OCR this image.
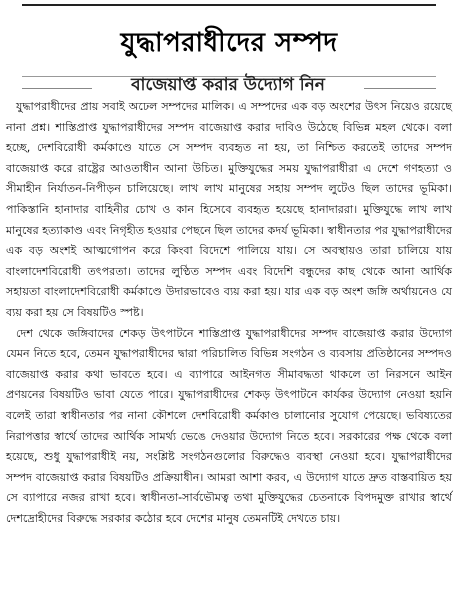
যুদ্ধাপরাধীদের সম্পদ
বাজেয়াপ্ত করার উদ্যোগ নিন

যুদ্ধাপরাধীদের প্রায় সবাই অঢেল সম্পদের মালিক। এ সম্পদের এক বড় অংশের উৎস নিয়েও রয়েছে নানা প্রশ্ন। শাস্তিপ্রাপ্ত যুদ্ধাপরাধীদের সম্পদ বাজেয়াপ্ত করার দাবিও উঠেছে বিভিন্ন মহল থেকে। বলা হচ্ছে, দেশবিরোধী কর্মকাণ্ডে যাতে সে সম্পদ ব্যবহৃত না হয়, তা নিশ্চিত করতেই তাদের সম্পদ বাজেয়াপ্ত করে রাষ্ট্রের আওতাধীন আনা উচিত। মুক্তিযুদ্ধের সময় যুদ্ধাপরাধীরা এ দেশে গণহত্যা ও সীমাহীন নির্যাতন-নিপীড়ন চালিয়েছে। লাখ লাখ মানুষের সহায় সম্পদ লুটেও ছিল তাদের ভূমিকা। পাকিস্তানি হানাদার বাহিনীর চোখ ও কান হিসেবে ব্যবহৃত হয়েছে হানাদাররা। মুক্তিযুদ্ধে লাখ লাখ মানুষের হত্যাকাণ্ড এবং নিগৃহীত হওয়ার পেছনে ছিল তাদের কদর্য ভূমিকা। স্বাধীনতার পর যুদ্ধাপরাধীদের এক বড় অংশই আত্মগোপন করে কিংবা বিদেশে পালিয়ে যায়। সে অবস্থায়ও তারা চালিয়ে যায় বাংলাদেশবিরোধী তৎপরতা। তাদের লুণ্ঠিত সম্পদ এবং বিদেশি বন্ধুদের কাছ থেকে আনা আর্থিক সহায়তা বাংলাদেশবিরোধী কর্মকাণ্ডে উদারভাবেও ব্যয় করা হয়। যার এক বড় অংশ জঙ্গি অর্থায়নেও যে ব্যয় করা হয় সে বিষয়টিও স্পষ্ট।

দেশ থেকে জঙ্গিবাদের শেকড় উৎপাটনে শাস্তিপ্রাপ্ত যুদ্ধাপরাধীদের সম্পদ বাজেয়াপ্ত করার উদ্যোগ যেমন নিতে হবে, তেমন যুদ্ধাপরাধীদের দ্বারা পরিচালিত বিভিন্ন সংগঠন ও ব্যবসায় প্রতিষ্ঠানের সম্পদও বাজেয়াপ্ত করার কথা ভাবতে হবে। এ ব্যাপারে আইনগত সীমাবদ্ধতা থাকলে তা নিরসনে আইন প্রণয়নের বিষয়টিও ভাবা যেতে পারে। যুদ্ধাপরাধীদের শেকড় উৎপাটনে কার্যকর উদ্যোগ নেওয়া হয়নি বলেই তারা স্বাধীনতার পর নানা কৌশলে দেশবিরোধী কর্মকাণ্ড চালানোর সুযোগ পেয়েছে। ভবিষ্যতের নিরাপত্তার স্বার্থে তাদের আর্থিক সামর্থ্য ভেঙে দেওয়ার উদ্যোগ নিতে হবে। সরকারের পক্ষ থেকে বলা হয়েছে, শুধু যুদ্ধাপরাধীই নয়, সংশ্লিষ্ট সংগঠনগুলোর বিরুদ্ধেও ব্যবস্থা নেওয়া হবে। যুদ্ধাপরাধীদের সম্পদ বাজেয়াপ্ত করার বিষয়টিও প্রক্রিয়াধীন। আমরা আশা করব, এ উদ্যোগ যাতে দ্রুত বাস্তবায়িত হয় সে ব্যাপারে নজর রাখা হবে। স্বাধীনতা-সার্বভৌমত্ব তথা মুক্তিযুদ্ধের চেতনাকে বিপদমুক্ত রাখার স্বার্থে দেশদ্রোহীদের বিরুদ্ধে সরকার কঠোর হবে দেশের মানুষ তেমনটিই দেখতে চায়।
